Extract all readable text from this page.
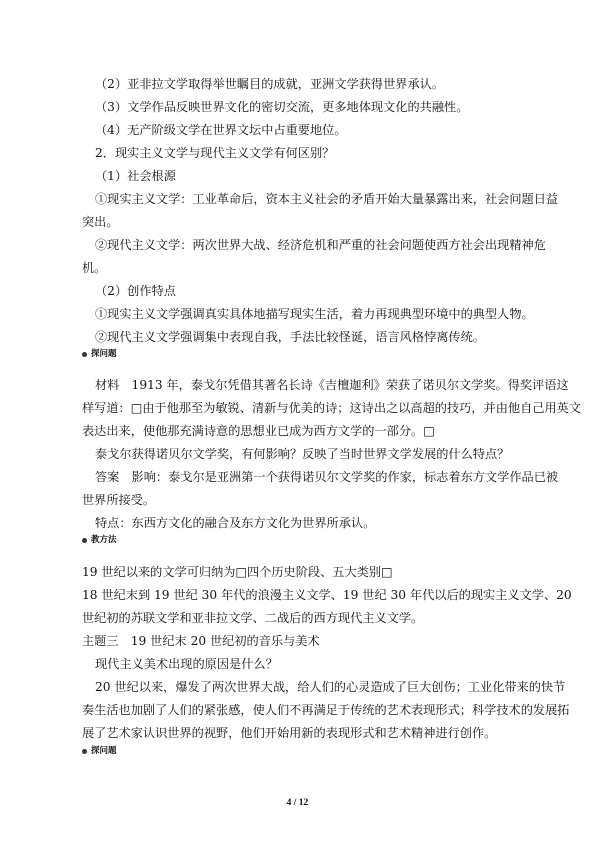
（2）亚非拉文学取得举世瞩目的成就，亚洲文学获得世界承认。
（3）文学作品反映世界文化的密切交流，更多地体现文化的共融性。
（4）无产阶级文学在世界文坛中占重要地位。
2．现实主义文学与现代主义文学有何区别？
（1）社会根源
①现实主义文学：工业革命后，资本主义社会的矛盾开始大量暴露出来，社会问题日益
突出。
②现代主义文学：两次世界大战、经济危机和严重的社会问题使西方社会出现精神危
机。
（2）创作特点
①现实主义文学强调真实具体地描写现实生活，着力再现典型环境中的典型人物。
②现代主义文学强调集中表现自我，手法比较怪诞，语言风格悖离传统。
探问题
材料　1913 年，泰戈尔凭借其著名长诗《吉檀迦利》荣获了诺贝尔文学奖。得奖评语这
样写道：□由于他那至为敏锐、清新与优美的诗；这诗出之以高超的技巧，并由他自己用英文
表达出来，使他那充满诗意的思想业已成为西方文学的一部分。□
泰戈尔获得诺贝尔文学奖，有何影响？反映了当时世界文学发展的什么特点？
答案　影响：泰戈尔是亚洲第一个获得诺贝尔文学奖的作家，标志着东方文学作品已被
世界所接受。
特点：东西方文化的融合及东方文化为世界所承认。
教方法
19 世纪以来的文学可归纳为□四个历史阶段、五大类别□
18 世纪末到 19 世纪 30 年代的浪漫主义文学、19 世纪 30 年代以后的现实主义文学、20
世纪初的苏联文学和亚非拉文学、二战后的西方现代主义文学。
主题三　19 世纪末 20 世纪初的音乐与美术
现代主义美术出现的原因是什么？
20 世纪以来，爆发了两次世界大战，给人们的心灵造成了巨大创伤；工业化带来的快节
奏生活也加剧了人们的紧张感，使人们不再满足于传统的艺术表现形式；科学技术的发展拓
展了艺术家认识世界的视野，他们开始用新的表现形式和艺术精神进行创作。
探问题
4 / 12
